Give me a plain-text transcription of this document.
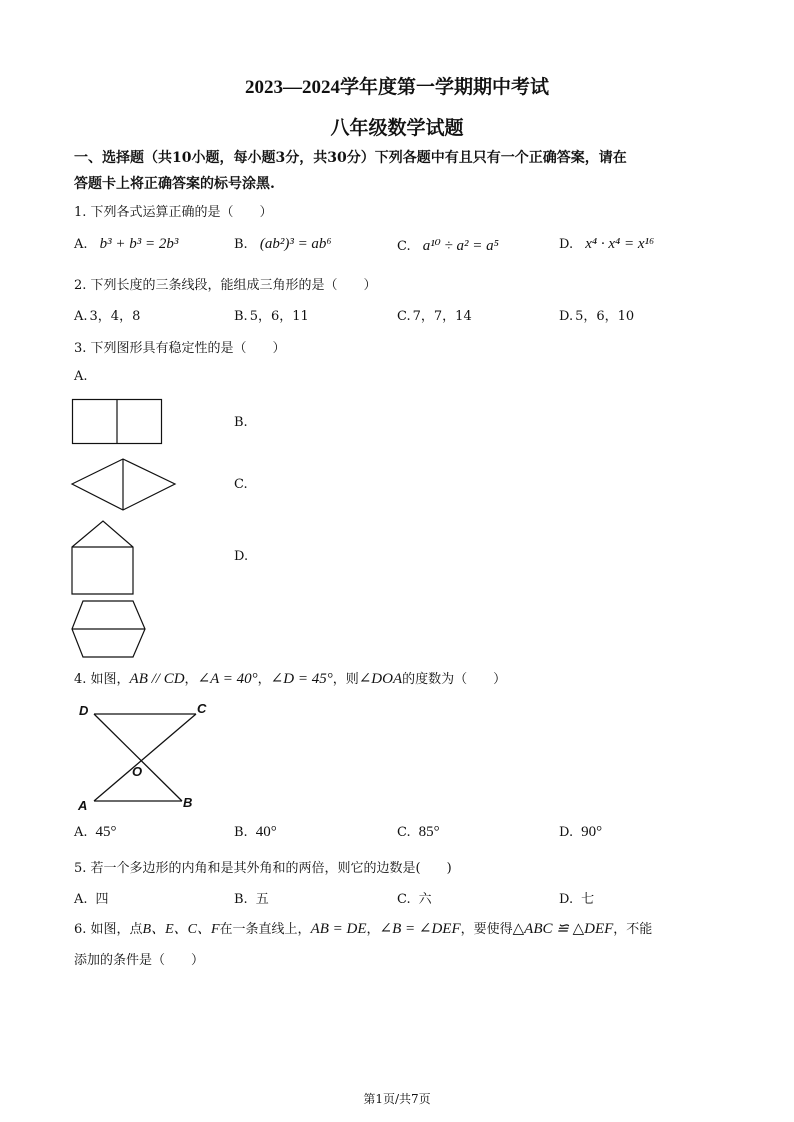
2023—2024学年度第一学期期中考试
八年级数学试题
一、选择题（共10小题，每小题3分，共30分）下列各题中有且只有一个正确答案，请在
答题卡上将正确答案的标号涂黑.
1. 下列各式运算正确的是（　　）
A. b³ + b³ = 2b³	B. (ab²)³ = ab⁶	C. a¹⁰ ÷ a² = a⁵	D. x⁴ · x⁴ = x¹⁶
2. 下列长度的三条线段，能组成三角形的是（　　）
A. 3，4，8	B. 5，6，11	C. 7，7，14	D. 5，6，10
3. 下列图形具有稳定性的是（　　）
A.
B.
C.
D.
4. 如图，AB // CD，∠A = 40°，∠D = 45°，则∠DOA的度数为（　　）
D	C
O
A	B
A. 45°	B. 40°	C. 85°	D. 90°
5. 若一个多边形的内角和是其外角和的两倍，则它的边数是(　　)
A. 四	B. 五	C. 六	D. 七
6. 如图，点B、E、C、F在一条直线上，AB = DE，∠B = ∠DEF，要使得△ABC ≌ △DEF，不能
添加的条件是（　　）
第1页/共7页
